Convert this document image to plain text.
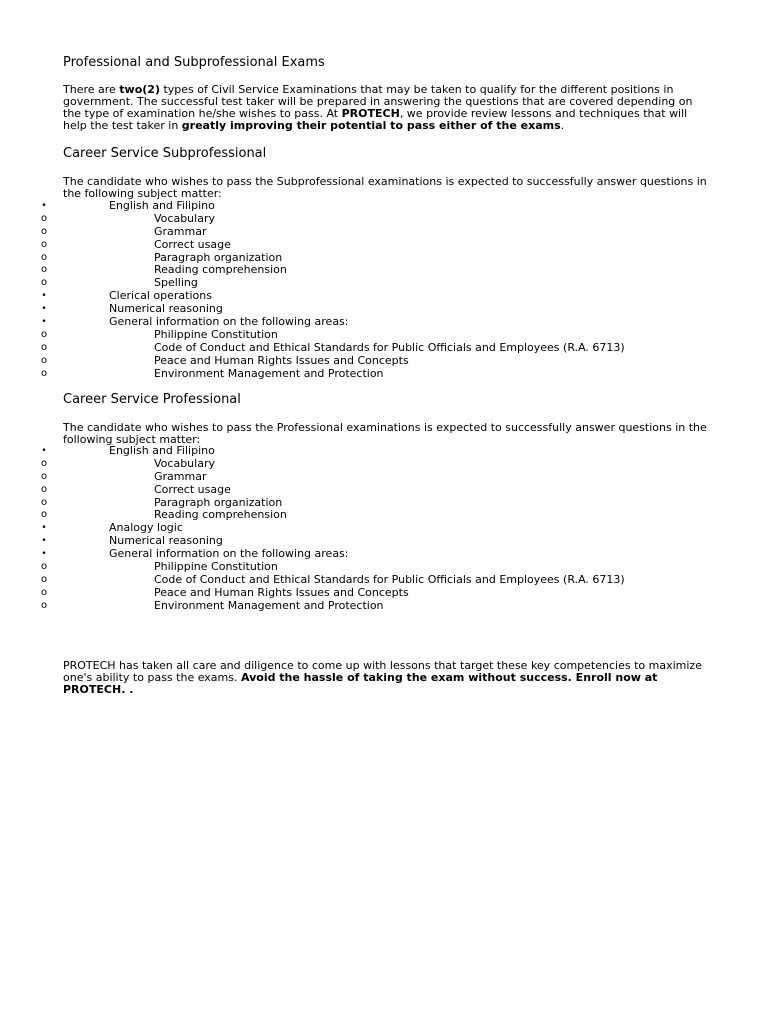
Professional and Subprofessional Exams

There are two(2) types of Civil Service Examinations that may be taken to qualify for the different positions in government. The successful test taker will be prepared in answering the questions that are covered depending on the type of examination he/she wishes to pass. At PROTECH, we provide review lessons and techniques that will help the test taker in greatly improving their potential to pass either of the exams.

Career Service Subprofessional

The candidate who wishes to pass the Subprofessional examinations is expected to successfully answer questions in the following subject matter:

•	English and Filipino
o	Vocabulary
o	Grammar
o	Correct usage
o	Paragraph organization
o	Reading comprehension
o	Spelling
•	Clerical operations
•	Numerical reasoning
•	General information on the following areas:
o	Philippine Constitution
o	Code of Conduct and Ethical Standards for Public Officials and Employees (R.A. 6713)
o	Peace and Human Rights Issues and Concepts
o	Environment Management and Protection
Career Service Professional

The candidate who wishes to pass the Professional examinations is expected to successfully answer questions in the following subject matter:

•	English and Filipino
o	Vocabulary
o	Grammar
o	Correct usage
o	Paragraph organization
o	Reading comprehension
•	Analogy logic
•	Numerical reasoning
•	General information on the following areas:
o	Philippine Constitution
o	Code of Conduct and Ethical Standards for Public Officials and Employees (R.A. 6713)
o	Peace and Human Rights Issues and Concepts
o	Environment Management and Protection

PROTECH has taken all care and diligence to come up with lessons that target these key competencies to maximize one's ability to pass the exams. Avoid the hassle of taking the exam without success. Enroll now at PROTECH. .
